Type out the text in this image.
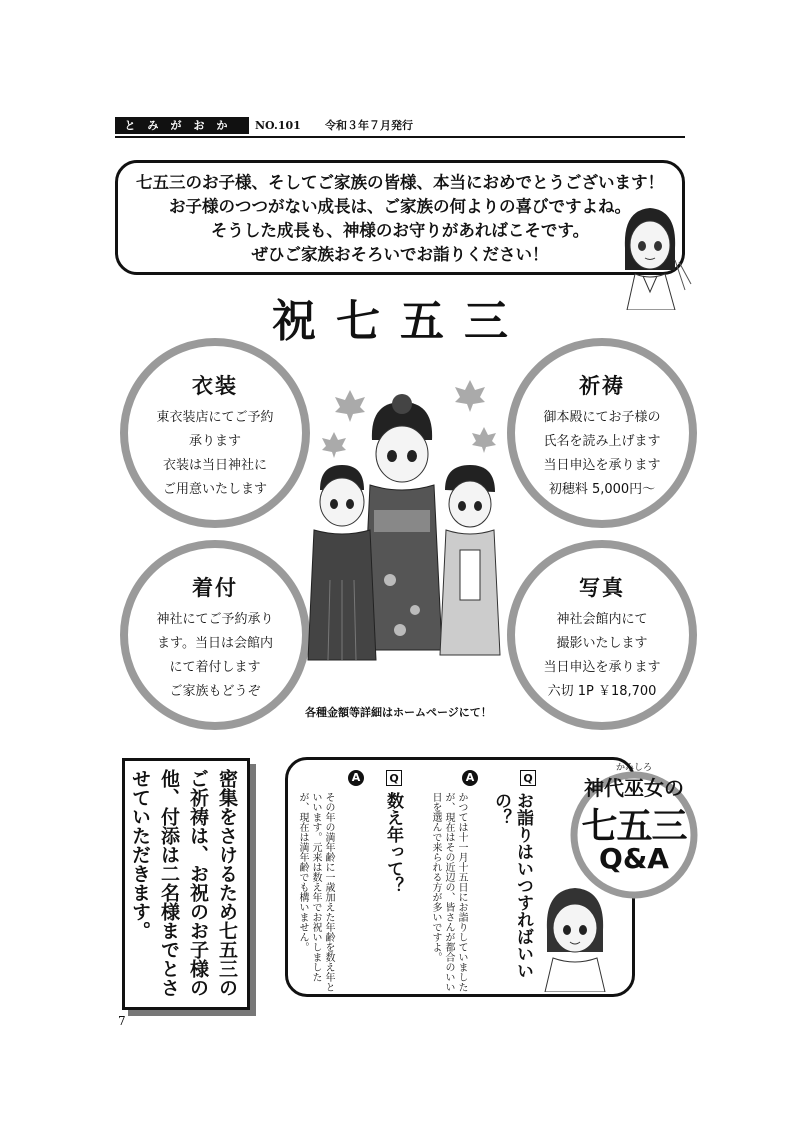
とみがおか	NO.101 令和３年７月発行

七五三のお子様、そしてご家族の皆様、本当におめでとうございます！

お子様のつつがない成長は、ご家族の何よりの喜びですよね。

そうした成長も、神様のお守りがあればこそです。

ぜひご家族おそろいでお詣りください！

祝七五三
衣装
東衣装店にてご予約
承ります
衣装は当日神社に
ご用意いたします
祈祷
御本殿にてお子様の
氏名を読み上げます
当日申込を承ります
初穂料 5,000円〜
着付
神社にてご予約承り
ます。当日は会館内
にて着付します
ご家族もどうぞ
写真
神社会館内にて
撮影いたします
当日申込を承ります
六切 1P ￥18,700
各種金額等詳細はホームページにて！
密集をさけるため七五三のご祈祷は、お祝のお子様の他、付添は二名様までとさせていただきます。	Q
お詣りはいつすればいいの？
A
かつては十一月十五日にお詣りしていましたが、現在はその近辺の、皆さんが都合のいい日を選んで来られる方が多いですよ。
Q
数え年って？
A
その年の満年齢に一歳加えた年齢を数え年といいます。元来は数え年でお祝いしましたが、現在は満年齢でも構いません。
かみしろ
神代巫女の
七五三
Q&A
7
